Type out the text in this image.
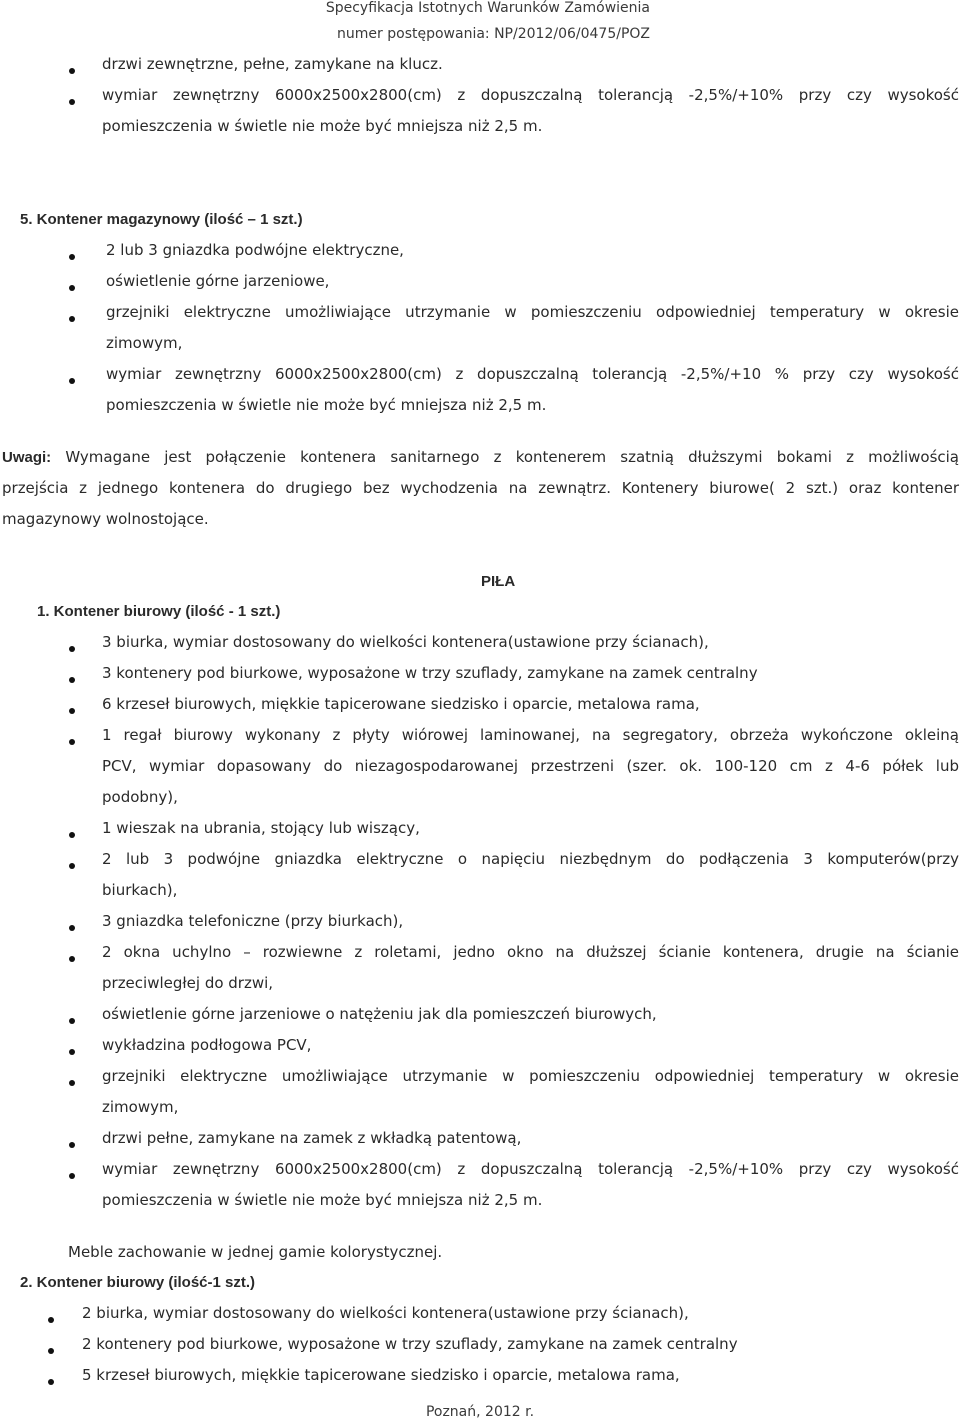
Specyfikacja Istotnych Warunków Zamówienia
numer postępowania: NP/2012/06/0475/POZ
drzwi zewnętrzne, pełne, zamykane na klucz.
wymiar zewnętrzny 6000x2500x2800(cm) z dopuszczalną tolerancją -2,5%/+10% przy czy wysokość
pomieszczenia w świetle nie może być mniejsza niż 2,5 m.
5. Kontener magazynowy (ilość – 1 szt.)
2 lub 3 gniazdka podwójne elektryczne,
oświetlenie górne jarzeniowe,
grzejniki elektryczne umożliwiające utrzymanie w pomieszczeniu odpowiedniej temperatury w okresie
zimowym,
wymiar zewnętrzny 6000x2500x2800(cm) z dopuszczalną tolerancją -2,5%/+10 % przy czy wysokość
pomieszczenia w świetle nie może być mniejsza niż 2,5 m.
Uwagi: Wymagane jest połączenie kontenera sanitarnego z kontenerem szatnią dłuższymi bokami z możliwością
przejścia z jednego kontenera do drugiego bez wychodzenia na zewnątrz. Kontenery biurowe( 2 szt.) oraz kontener
magazynowy wolnostojące.
PIŁA
1. Kontener biurowy (ilość - 1 szt.)
3 biurka, wymiar dostosowany do wielkości kontenera(ustawione przy ścianach),
3 kontenery pod biurkowe, wyposażone w trzy szuflady, zamykane na zamek centralny
6 krzeseł biurowych, miękkie tapicerowane siedzisko i oparcie, metalowa rama,
1 regał biurowy wykonany z płyty wiórowej laminowanej, na segregatory, obrzeża wykończone okleiną
PCV, wymiar dopasowany do niezagospodarowanej przestrzeni (szer. ok. 100-120 cm z 4-6 półek lub
podobny),
1 wieszak na ubrania, stojący lub wiszący,
2 lub 3 podwójne gniazdka elektryczne o napięciu niezbędnym do podłączenia 3 komputerów(przy
biurkach),
3 gniazdka telefoniczne (przy biurkach),
2 okna uchylno – rozwiewne z roletami, jedno okno na dłuższej ścianie kontenera, drugie na ścianie
przeciwległej do drzwi,
oświetlenie górne jarzeniowe o natężeniu jak dla pomieszczeń biurowych,
wykładzina podłogowa PCV,
grzejniki elektryczne umożliwiające utrzymanie w pomieszczeniu odpowiedniej temperatury w okresie
zimowym,
drzwi pełne, zamykane na zamek z wkładką patentową,
wymiar zewnętrzny 6000x2500x2800(cm) z dopuszczalną tolerancją -2,5%/+10% przy czy wysokość
pomieszczenia w świetle nie może być mniejsza niż 2,5 m.
Meble zachowanie w jednej gamie kolorystycznej.
2. Kontener biurowy (ilość-1 szt.)
2 biurka, wymiar dostosowany do wielkości kontenera(ustawione przy ścianach),
2 kontenery pod biurkowe, wyposażone w trzy szuflady, zamykane na zamek centralny
5 krzeseł biurowych, miękkie tapicerowane siedzisko i oparcie, metalowa rama,
Poznań, 2012 r.
